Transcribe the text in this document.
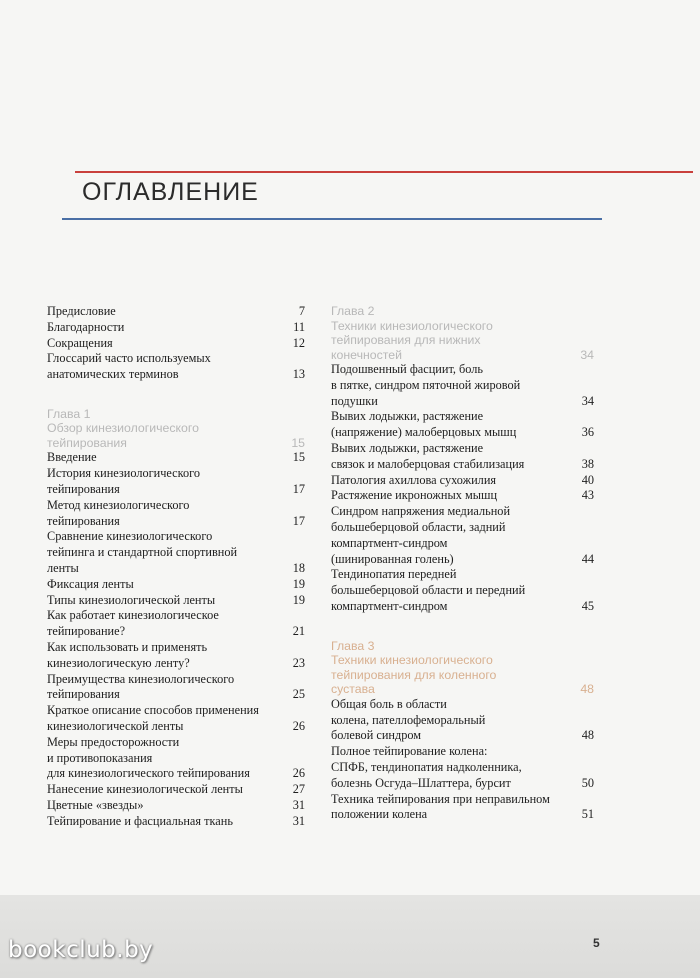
ОГЛАВЛЕНИЕ
Предисловие	7
Благодарности	11
Сокращения	12
Глоссарий часто используемых
анатомических терминов	13
Глава 1
Обзор кинезиологического
тейпирования	15
Введение	15
История кинезиологического
тейпирования	17
Метод кинезиологического
тейпирования	17
Сравнение кинезиологического
тейпинга и стандартной спортивной
ленты	18
Фиксация ленты	19
Типы кинезиологической ленты	19
Как работает кинезиологическое
тейпирование?	21
Как использовать и применять
кинезиологическую ленту?	23
Преимущества кинезиологического
тейпирования	25
Краткое описание способов применения
кинезиологической ленты	26
Меры предосторожности
и противопоказания
для кинезиологического тейпирования	26
Нанесение кинезиологической ленты	27
Цветные «звезды»	31
Тейпирование и фасциальная ткань	31
Глава 2
Техники кинезиологического
тейпирования для нижних
конечностей	34
Подошвенный фасциит, боль
в пятке, синдром пяточной жировой
подушки	34
Вывих лодыжки, растяжение
(напряжение) малоберцовых мышц	36
Вывих лодыжки, растяжение
связок и малоберцовая стабилизация	38
Патология ахиллова сухожилия	40
Растяжение икроножных мышц	43
Синдром напряжения медиальной
большеберцовой области, задний
компартмент-синдром
(шинированная голень)	44
Тендинопатия передней
большеберцовой области и передний
компартмент-синдром	45
Глава 3
Техники кинезиологического
тейпирования для коленного
сустава	48
Общая боль в области
колена, пателлофеморальный
болевой синдром	48
Полное тейпирование колена:
СПФБ, тендинопатия надколенника,
болезнь Осгуда–Шлаттера, бурсит	50
Техника тейпирования при неправильном
положении колена	51
bookclub.by	5
